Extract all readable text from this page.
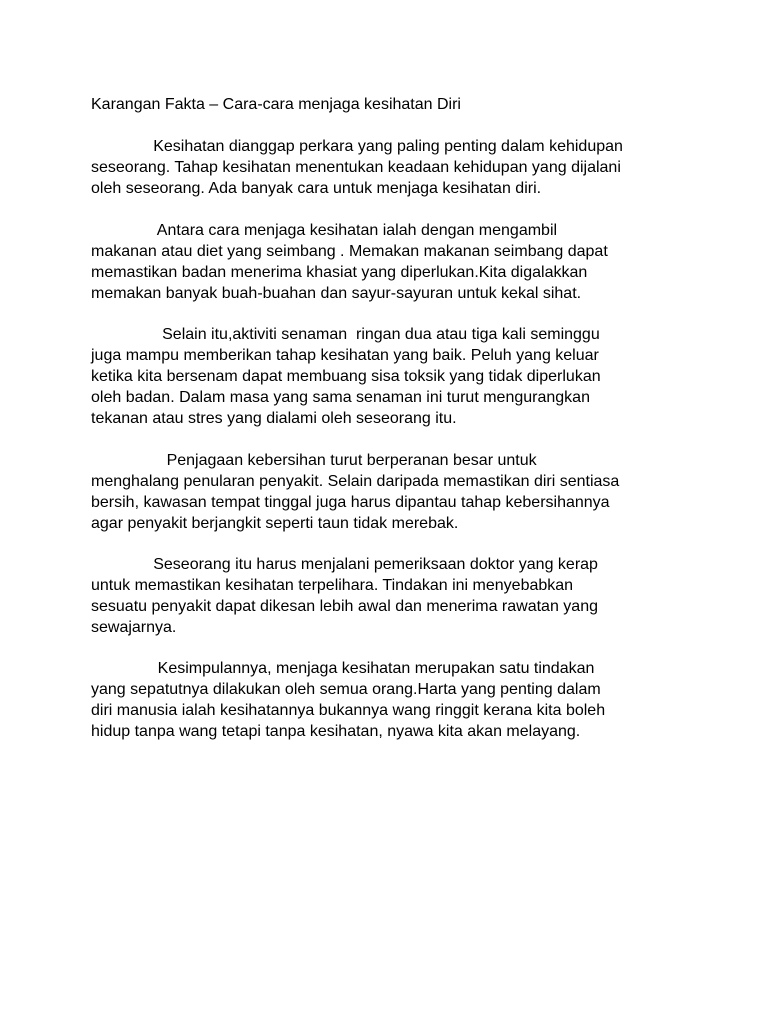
Karangan Fakta – Cara-cara menjaga kesihatan Diri
Kesihatan dianggap perkara yang paling penting dalam kehidupan
seseorang. Tahap kesihatan menentukan keadaan kehidupan yang dijalani
oleh seseorang. Ada banyak cara untuk menjaga kesihatan diri.
Antara cara menjaga kesihatan ialah dengan mengambil
makanan atau diet yang seimbang . Memakan makanan seimbang dapat
memastikan badan menerima khasiat yang diperlukan.Kita digalakkan
memakan banyak buah-buahan dan sayur-sayuran untuk kekal sihat.
Selain itu,aktiviti senaman  ringan dua atau tiga kali seminggu
juga mampu memberikan tahap kesihatan yang baik. Peluh yang keluar
ketika kita bersenam dapat membuang sisa toksik yang tidak diperlukan
oleh badan. Dalam masa yang sama senaman ini turut mengurangkan
tekanan atau stres yang dialami oleh seseorang itu.
Penjagaan kebersihan turut berperanan besar untuk
menghalang penularan penyakit. Selain daripada memastikan diri sentiasa
bersih, kawasan tempat tinggal juga harus dipantau tahap kebersihannya
agar penyakit berjangkit seperti taun tidak merebak.
Seseorang itu harus menjalani pemeriksaan doktor yang kerap
untuk memastikan kesihatan terpelihara. Tindakan ini menyebabkan
sesuatu penyakit dapat dikesan lebih awal dan menerima rawatan yang
sewajarnya.
Kesimpulannya, menjaga kesihatan merupakan satu tindakan
yang sepatutnya dilakukan oleh semua orang.Harta yang penting dalam
diri manusia ialah kesihatannya bukannya wang ringgit kerana kita boleh
hidup tanpa wang tetapi tanpa kesihatan, nyawa kita akan melayang.
